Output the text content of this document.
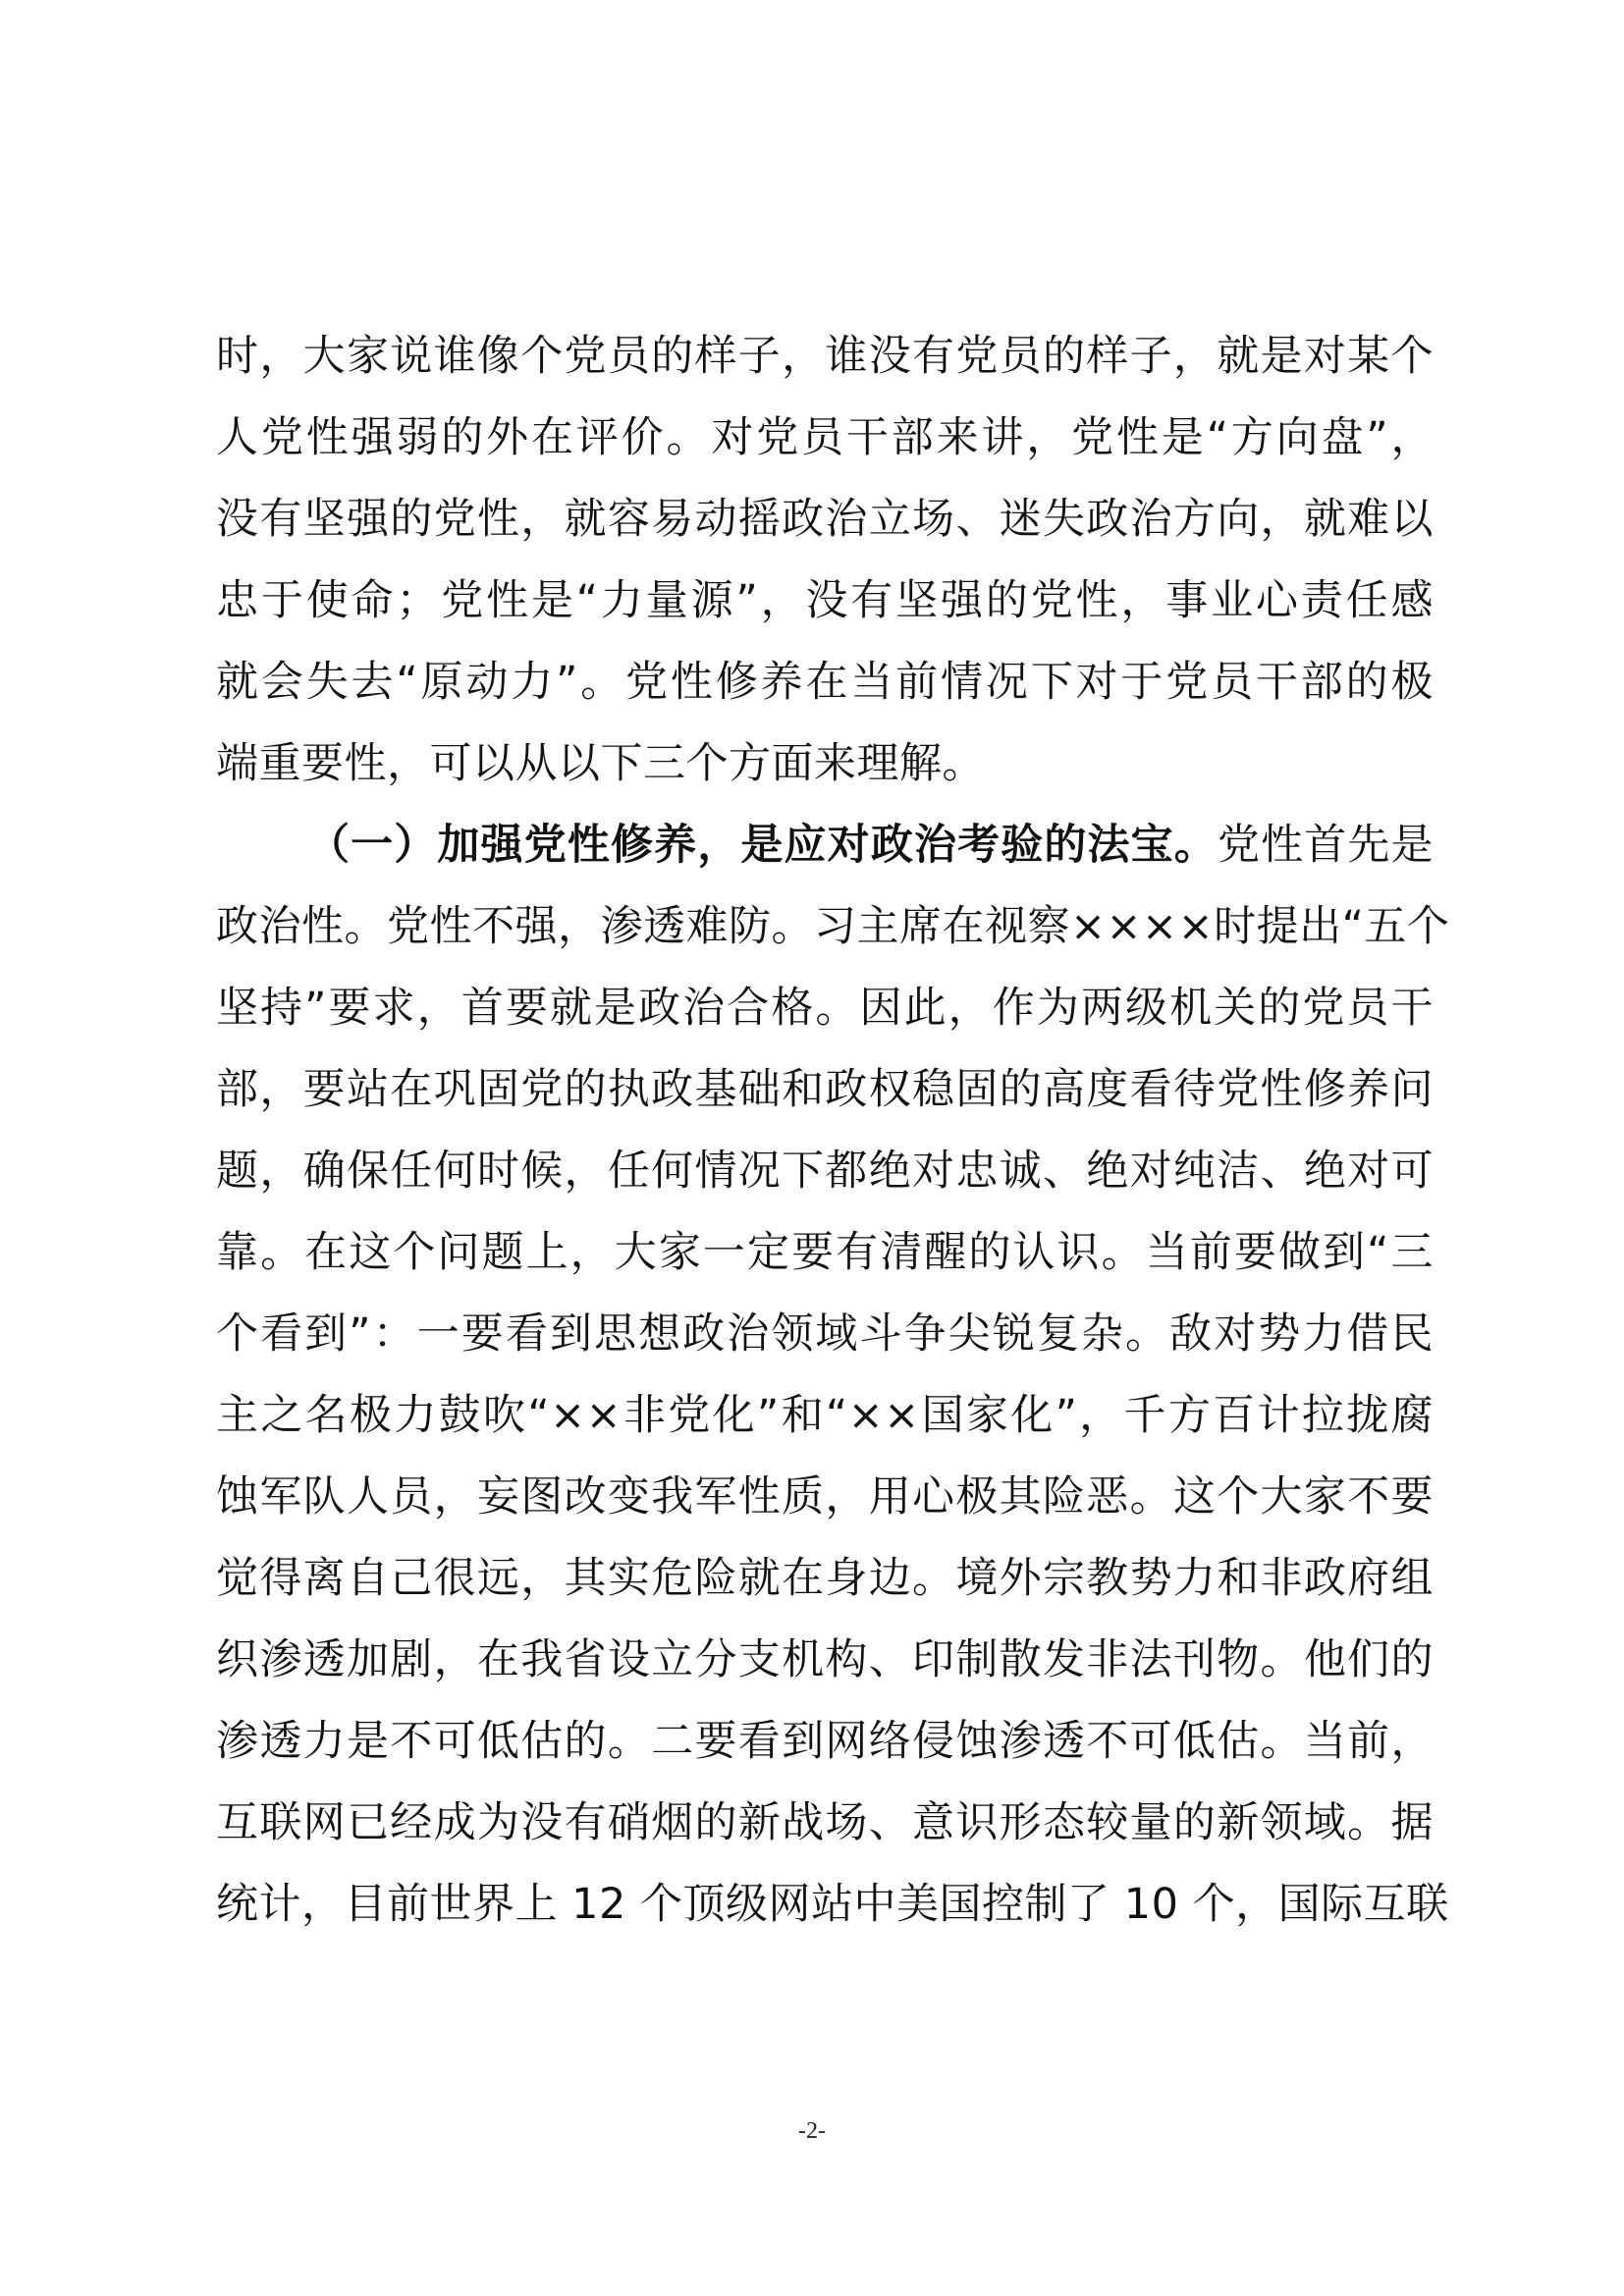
时，大家说谁像个党员的样子，谁没有党员的样子，就是对某个
人党性强弱的外在评价。对党员干部来讲，党性是“方向盘”，
没有坚强的党性，就容易动摇政治立场、迷失政治方向，就难以
忠于使命；党性是“力量源”，没有坚强的党性，事业心责任感
就会失去“原动力”。党性修养在当前情况下对于党员干部的极
端重要性，可以从以下三个方面来理解。
（一）加强党性修养，是应对政治考验的法宝。党性首先是
政治性。党性不强，渗透难防。习主席在视察××××时提出“五个
坚持”要求，首要就是政治合格。因此，作为两级机关的党员干
部，要站在巩固党的执政基础和政权稳固的高度看待党性修养问
题，确保任何时候，任何情况下都绝对忠诚、绝对纯洁、绝对可
靠。在这个问题上，大家一定要有清醒的认识。当前要做到“三
个看到”：一要看到思想政治领域斗争尖锐复杂。敌对势力借民
主之名极力鼓吹“××非党化”和“××国家化”，千方百计拉拢腐
蚀军队人员，妄图改变我军性质，用心极其险恶。这个大家不要
觉得离自己很远，其实危险就在身边。境外宗教势力和非政府组
织渗透加剧，在我省设立分支机构、印制散发非法刊物。他们的
渗透力是不可低估的。二要看到网络侵蚀渗透不可低估。当前，
互联网已经成为没有硝烟的新战场、意识形态较量的新领域。据
统计，目前世界上 12 个顶级网站中美国控制了 10 个，国际互联
-2-
